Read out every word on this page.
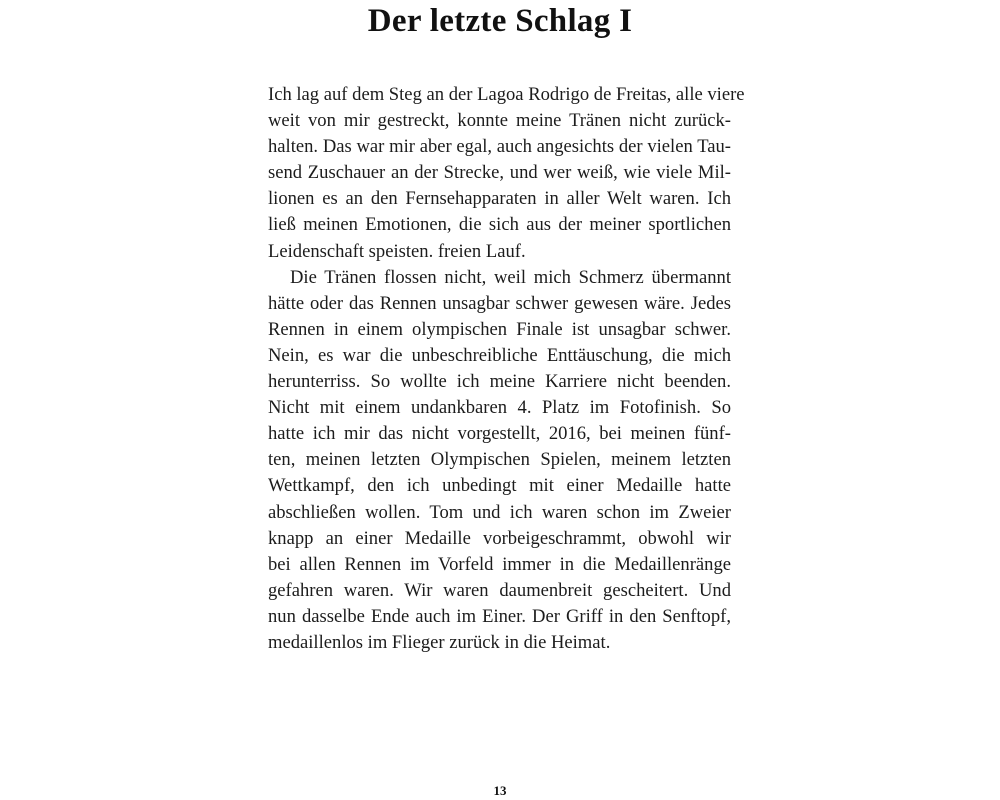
Der letzte Schlag I
Ich lag auf dem Steg an der Lagoa Rodrigo de Freitas, alle viere
weit von mir gestreckt, konnte meine Tränen nicht zurück-
halten. Das war mir aber egal, auch angesichts der vielen Tau-
send Zuschauer an der Strecke, und wer weiß, wie viele Mil-
lionen es an den Fernsehapparaten in aller Welt waren. Ich
ließ meinen Emotionen, die sich aus der meiner sportlichen
Leidenschaft speisten. freien Lauf.
Die Tränen flossen nicht, weil mich Schmerz übermannt
hätte oder das Rennen unsagbar schwer gewesen wäre. Jedes
Rennen in einem olympischen Finale ist unsagbar schwer.
Nein, es war die unbeschreibliche Enttäuschung, die mich
herunterriss. So wollte ich meine Karriere nicht beenden.
Nicht mit einem undankbaren 4. Platz im Fotofinish. So
hatte ich mir das nicht vorgestellt, 2016, bei meinen fünf-
ten, meinen letzten Olympischen Spielen, meinem letzten
Wettkampf, den ich unbedingt mit einer Medaille hatte
abschließen wollen. Tom und ich waren schon im Zweier
knapp an einer Medaille vorbeigeschrammt, obwohl wir
bei allen Rennen im Vorfeld immer in die Medaillenränge
gefahren waren. Wir waren daumenbreit gescheitert. Und
nun dasselbe Ende auch im Einer. Der Griff in den Senftopf,
medaillenlos im Flieger zurück in die Heimat.
13
